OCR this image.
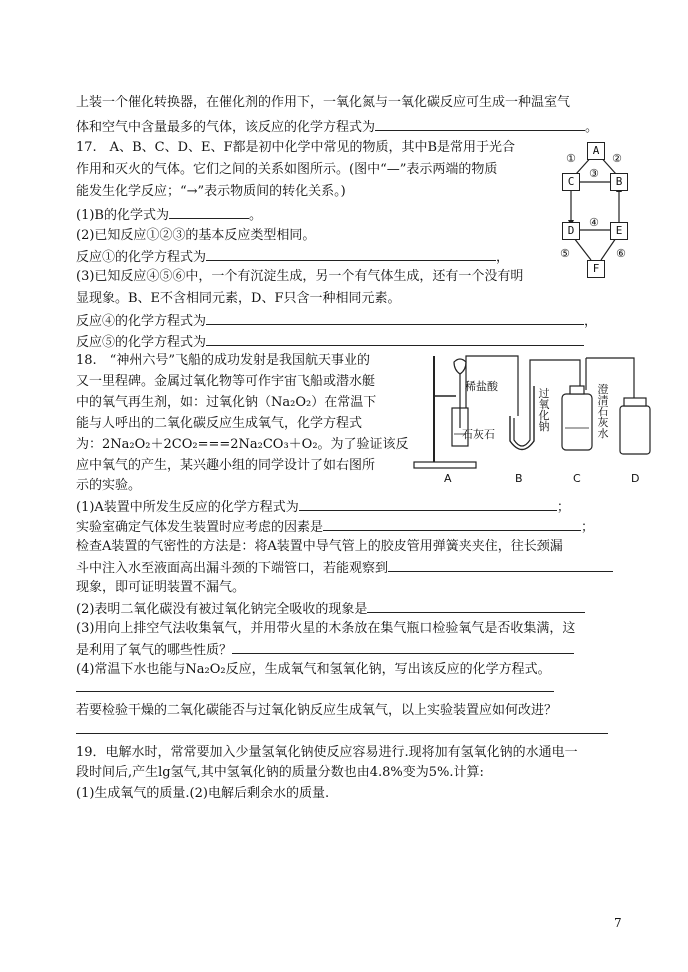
上装一个催化转换器，在催化剂的作用下，一氧化氮与一氧化碳反应可生成一种温室气
体和空气中含量最多的气体，该反应的化学方程式为	。
17.　A、B、C、D、E、F都是初中化学中常见的物质，其中B是常用于光合
作用和灭火的气体。它们之间的关系如图所示。(图中“—”表示两端的物质
能发生化学反应；“→”表示物质间的转化关系。)
(1)B的化学式为	。
(2)已知反应①②③的基本反应类型相同。
反应①的化学方程式为	，
(3)已知反应④⑤⑥中，一个有沉淀生成，另一个有气体生成，还有一个没有明
显现象。B、E不含相同元素，D、F只含一种相同元素。
反应④的化学方程式为	，
反应⑤的化学方程式为
18.　“神州六号”飞船的成功发射是我国航天事业的
又一里程碑。金属过氧化物等可作宇宙飞船或潜水艇
中的氧气再生剂，如：过氧化钠（Na₂O₂）在常温下
能与人呼出的二氧化碳反应生成氧气，化学方程式
为：2Na₂O₂＋2CO₂===2Na₂CO₃＋O₂。为了验证该反
应中氧气的产生，某兴趣小组的同学设计了如右图所
示的实验。
(1)A装置中所发生反应的化学方程式为	；
实验室确定气体发生装置时应考虑的因素是	；
检查A装置的气密性的方法是：将A装置中导气管上的胶皮管用弹簧夹夹住，往长颈漏
斗中注入水至液面高出漏斗颈的下端管口，若能观察到
现象，即可证明装置不漏气。
(2)表明二氧化碳没有被过氧化钠完全吸收的现象是
(3)用向上排空气法收集氧气，并用带火星的木条放在集气瓶口检验氧气是否收集满，这
是利用了氧气的哪些性质？
(4)常温下水也能与Na₂O₂反应，生成氧气和氢氧化钠，写出该反应的化学方程式。
若要检验干燥的二氧化碳能否与过氧化钠反应生成氧气，以上实验装置应如何改进？
19．电解水时，常常要加入少量氢氧化钠使反应容易进行.现将加有氢氧化钠的水通电一
段时间后,产生lg氢气,其中氢氧化钠的质量分数也由4.8%变为5%.计算:
(1)生成氧气的质量.(2)电解后剩余水的质量.
7
A
C	B
D	E
F
①	②
③
④
⑤	⑥
稀盐酸
石灰石
过氧化钠
澄清石灰水
A	B	C	D
